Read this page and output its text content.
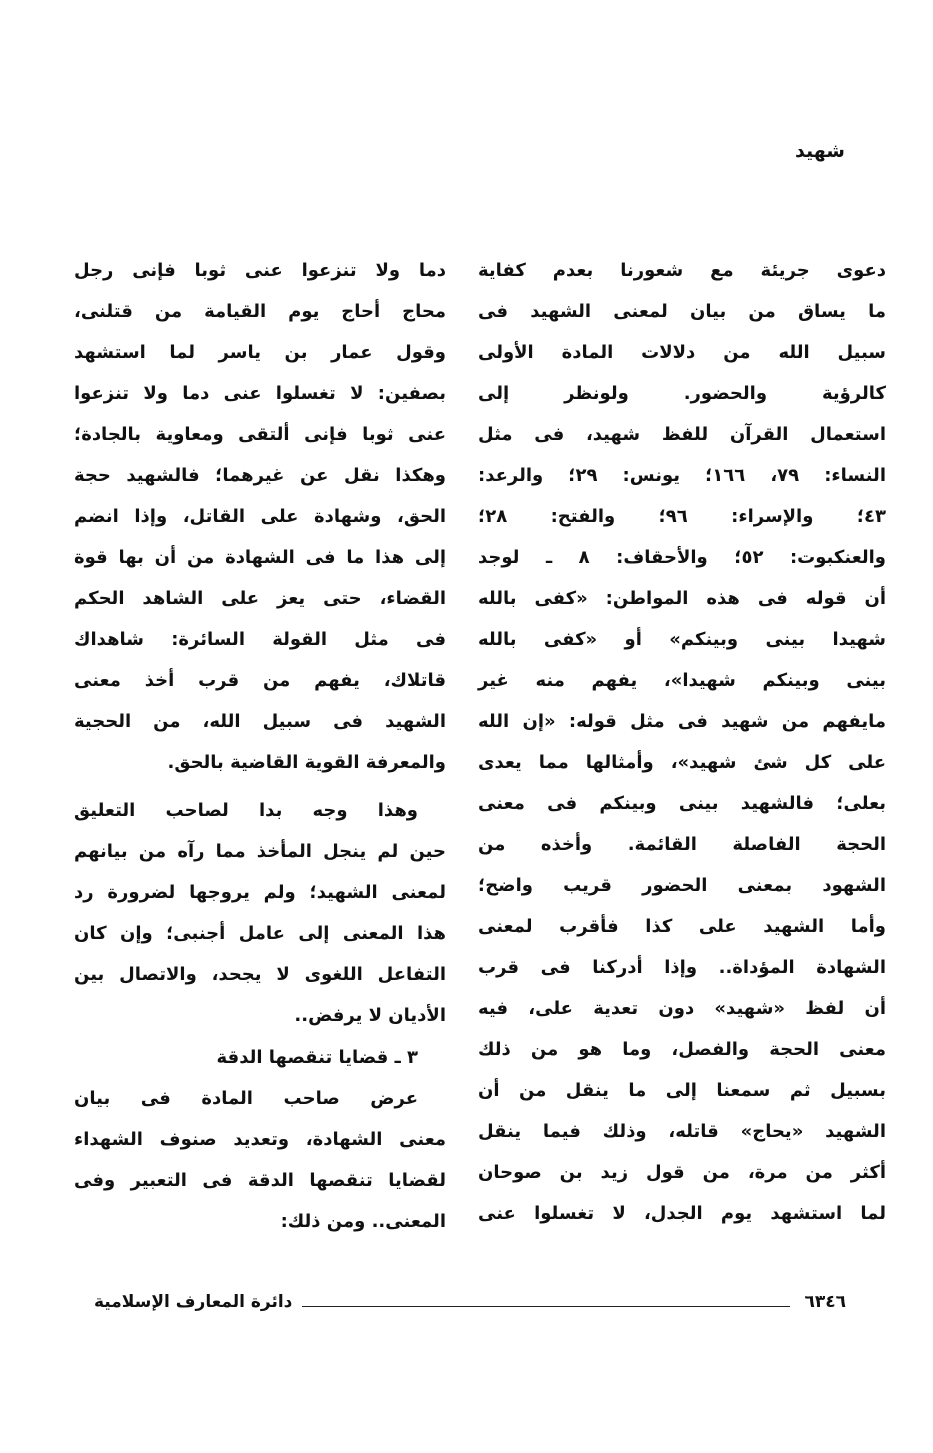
شهيد
دعوى جريئة مع شعورنا بعدم كفاية
ما يساق من بيان لمعنى الشهيد فى
سبيل الله من دلالات المادة الأولى
كالرؤية والحضور. ولونظر إلى
استعمال القرآن للفظ شهيد، فى مثل
النساء: ٧٩، ١٦٦؛ يونس: ٢٩؛ والرعد:
٤٣؛ والإسراء: ٩٦؛ والفتح: ٢٨؛
والعنكبوت: ٥٢؛ والأحقاف: ٨ ـ لوجد
أن قوله فى هذه المواطن: «كفى بالله
شهيدا بينى وبينكم» أو «كفى بالله
بينى وبينكم شهيدا»، يفهم منه غير
مايفهم من شهيد فى مثل قوله: «إن الله
على كل شئ شهيد»، وأمثالها مما يعدى
بعلى؛ فالشهيد بينى وبينكم فى معنى
الحجة الفاصلة القائمة. وأخذه من
الشهود بمعنى الحضور قريب واضح؛
وأما الشهيد على كذا فأقرب لمعنى
الشهادة المؤداة.. وإذا أدركنا فى قرب
أن لفظ «شهيد» دون تعدية على، فيه
معنى الحجة والفصل، وما هو من ذلك
بسبيل ثم سمعنا إلى ما ينقل من أن
الشهيد «يحاج» قاتله، وذلك فيما ينقل
أكثر من مرة، من قول زيد بن صوحان
لما استشهد يوم الجدل، لا تغسلوا عنى
دما ولا تنزعوا عنى ثوبا فإنى رجل
محاج أحاج يوم القيامة من قتلنى،
وقول عمار بن ياسر لما استشهد
بصفين: لا تغسلوا عنى دما ولا تنزعوا
عنى ثوبا فإنى ألتقى ومعاوية بالجادة؛
وهكذا نقل عن غيرهما؛ فالشهيد حجة
الحق، وشهادة على القاتل، وإذا انضم
إلى هذا ما فى الشهادة من أن بها قوة
القضاء، حتى يعز على الشاهد الحكم
فى مثل القولة السائرة: شاهداك
قاتلاك، يفهم من قرب أخذ معنى
الشهيد فى سبيل الله، من الحجية
والمعرفة القوية القاضية بالحق.
وهذا وجه بدا لصاحب التعليق
حين لم ينجل المأخذ مما رآه من بيانهم
لمعنى الشهيد؛ ولم يروجها لضرورة رد
هذا المعنى إلى عامل أجنبى؛ وإن كان
التفاعل اللغوى لا يجحد، والاتصال بين
الأديان لا يرفض..
٣ ـ قضايا تنقصها الدقة
عرض صاحب المادة فى بيان
معنى الشهادة، وتعديد صنوف الشهداء
لقضايا تنقصها الدقة فى التعبير وفى
المعنى.. ومن ذلك:
٦٣٤٦
دائرة المعارف الإسلامية
